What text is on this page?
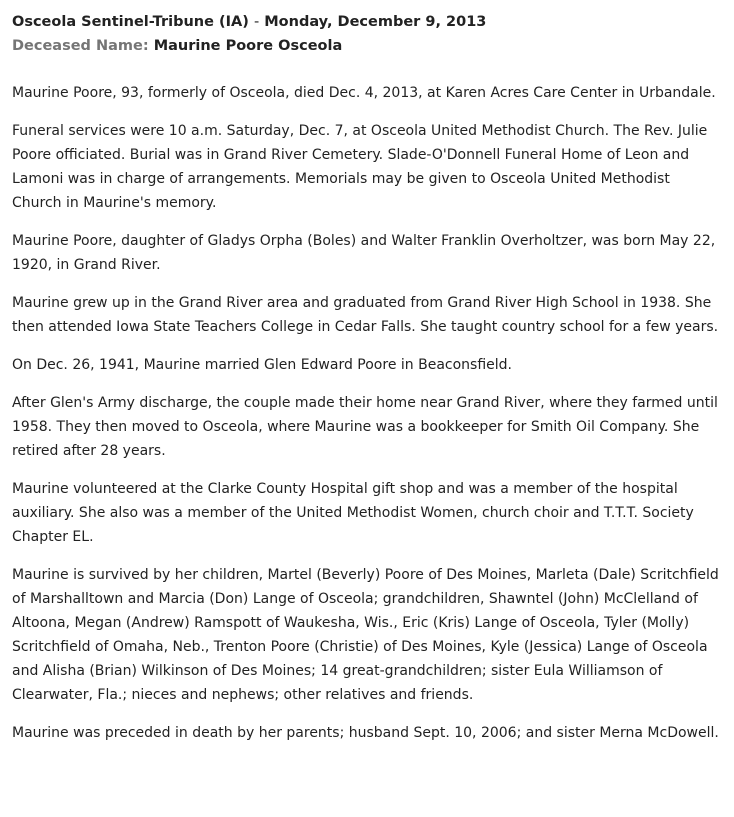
Osceola Sentinel-Tribune (IA) - Monday, December 9, 2013
Deceased Name: Maurine Poore Osceola

Maurine Poore, 93, formerly of Osceola, died Dec. 4, 2013, at Karen Acres Care Center in Urbandale.

Funeral services were 10 a.m. Saturday, Dec. 7, at Osceola United Methodist Church. The Rev. Julie Poore officiated. Burial was in Grand River Cemetery. Slade-O'Donnell Funeral Home of Leon and Lamoni was in charge of arrangements. Memorials may be given to Osceola United Methodist Church in Maurine's memory.

Maurine Poore, daughter of Gladys Orpha (Boles) and Walter Franklin Overholtzer, was born May 22, 1920, in Grand River.

Maurine grew up in the Grand River area and graduated from Grand River High School in 1938. She then attended Iowa State Teachers College in Cedar Falls. She taught country school for a few years.

On Dec. 26, 1941, Maurine married Glen Edward Poore in Beaconsfield.

After Glen's Army discharge, the couple made their home near Grand River, where they farmed until 1958. They then moved to Osceola, where Maurine was a bookkeeper for Smith Oil Company. She retired after 28 years.

Maurine volunteered at the Clarke County Hospital gift shop and was a member of the hospital auxiliary. She also was a member of the United Methodist Women, church choir and T.T.T. Society Chapter EL.

Maurine is survived by her children, Martel (Beverly) Poore of Des Moines, Marleta (Dale) Scritchfield of Marshalltown and Marcia (Don) Lange of Osceola; grandchildren, Shawntel (John) McClelland of Altoona, Megan (Andrew) Ramspott of Waukesha, Wis., Eric (Kris) Lange of Osceola, Tyler (Molly) Scritchfield of Omaha, Neb., Trenton Poore (Christie) of Des Moines, Kyle (Jessica) Lange of Osceola and Alisha (Brian) Wilkinson of Des Moines; 14 great-grandchildren; sister Eula Williamson of Clearwater, Fla.; nieces and nephews; other relatives and friends.

Maurine was preceded in death by her parents; husband Sept. 10, 2006; and sister Merna McDowell.
